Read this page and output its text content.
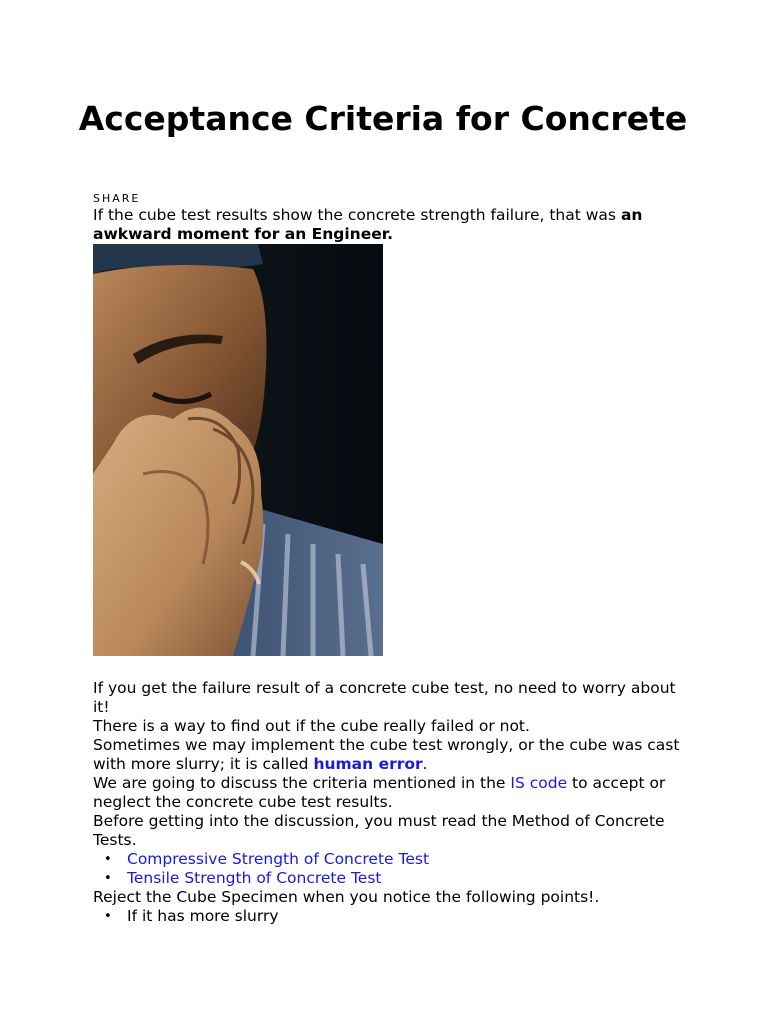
Acceptance Criteria for Concrete
SHARE

If the cube test results show the concrete strength failure, that was an awkward moment for an Engineer.

If you get the failure result of a concrete cube test, no need to worry about it!

There is a way to find out if the cube really failed or not.

Sometimes we may implement the cube test wrongly, or the cube was cast with more slurry; it is called human error.

We are going to discuss the criteria mentioned in the IS code to accept or neglect the concrete cube test results.

Before getting into the discussion, you must read the Method of Concrete Tests.

• Compressive Strength of Concrete Test
• Tensile Strength of Concrete Test

Reject the Cube Specimen when you notice the following points!.

• If it has more slurry
